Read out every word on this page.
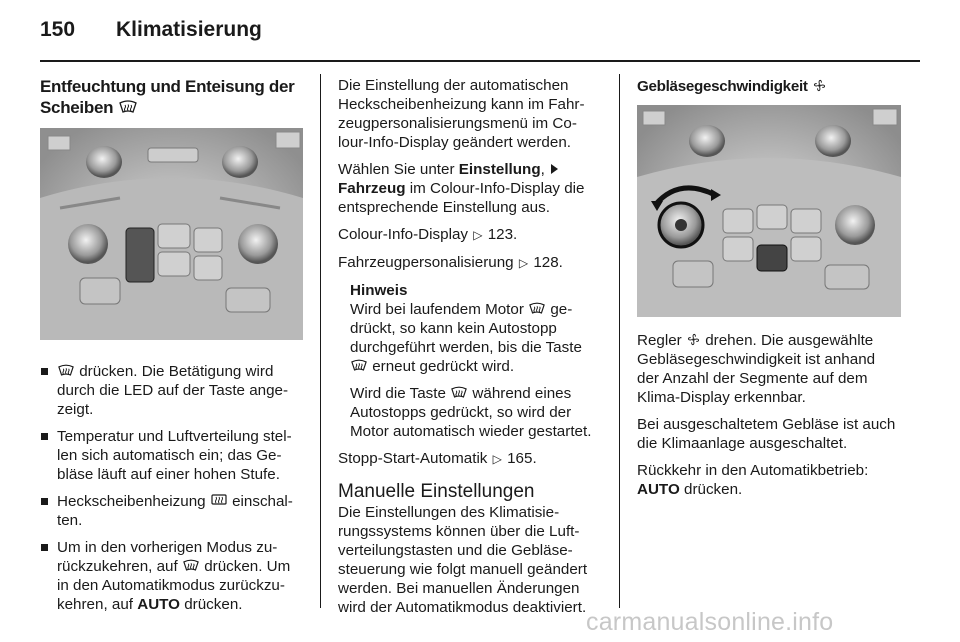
150 Klimatisierung
Entfeuchtung und Enteisung der Scheiben
drücken. Die Betätigung wird durch die LED auf der Taste ange- zeigt.
Temperatur und Luftverteilung stel- len sich automatisch ein; das Ge- bläse läuft auf einer hohen Stufe.
Heckscheibenheizung einschal- ten.
Um in den vorherigen Modus zu- rückzukehren, auf drücken. Um in den Automatikmodus zurückzu- kehren, auf AUTO drücken.

Die Einstellung der automatischen Heckscheibenheizung kann im Fahr- zeugpersonalisierungsmenü im Co- lour-Info-Display geändert werden.

Wählen Sie unter Einstellung,  Fahrzeug im Colour-Info-Display die entsprechende Einstellung aus.

Colour-Info-Display ▷ 123.

Fahrzeugpersonalisierung ▷ 128.

Hinweis

Wird bei laufendem Motor ge- drückt, so kann kein Autostopp durchgeführt werden, bis die Taste  erneut gedrückt wird.

Wird die Taste während eines Autostopps gedrückt, so wird der Motor automatisch wieder gestartet.

Stopp-Start-Automatik ▷ 165.

Manuelle Einstellungen

Die Einstellungen des Klimatisie- rungssystems können über die Luft- verteilungstasten und die Gebläse- steuerung wie folgt manuell geändert werden. Bei manuellen Änderungen wird der Automatikmodus deaktiviert.

Gebläsegeschwindigkeit

Regler drehen. Die ausgewählte Gebläsegeschwindigkeit ist anhand der Anzahl der Segmente auf dem Klima-Display erkennbar.

Bei ausgeschaltetem Gebläse ist auch die Klimaanlage ausgeschaltet.

Rückkehr in den Automatikbetrieb:
AUTO drücken.

carmanualsonline.info
